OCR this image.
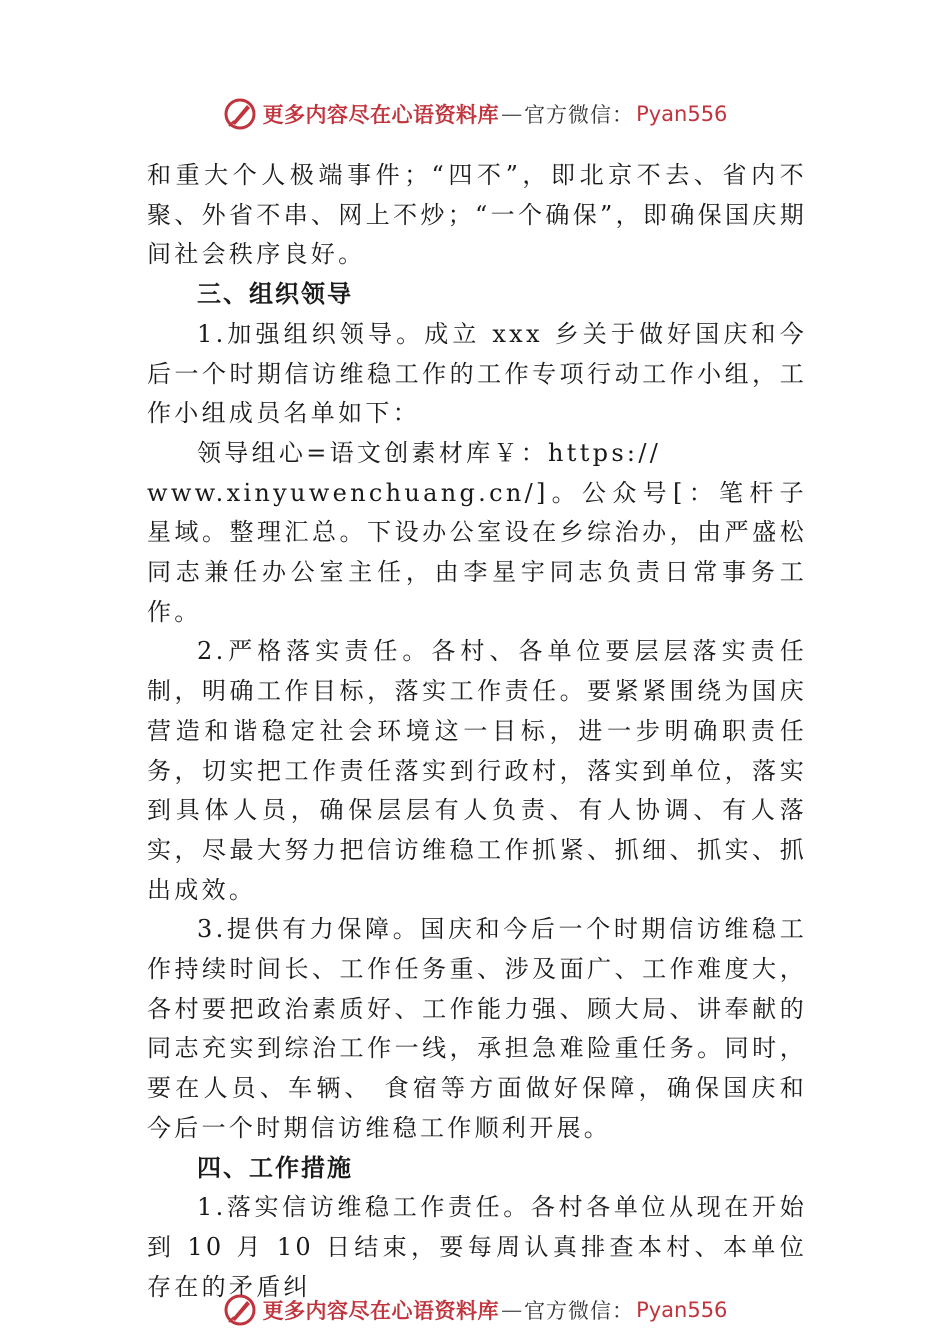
更多内容尽在心语资料库 — 官方微信： Pyan556

和重大个人极端事件；“四不”，即北京不去、省内不聚、外省不串、网上不炒；“一个确保”，即确保国庆期间社会秩序良好。

三、组织领导

1.加强组织领导。成立 xxx 乡关于做好国庆和今后一个时期信访维稳工作的工作专项行动工作小组，工作小组成员名单如下：

领导组心=语文创素材库￥：https://

www.xinyuwenchuang.cn/]。公众号[：笔杆子星域。整理汇总。下设办公室设在乡综治办，由严盛松同志兼任办公室主任，由李星宇同志负责日常事务工作。

2.严格落实责任。各村、各单位要层层落实责任制，明确工作目标，落实工作责任。要紧紧围绕为国庆营造和谐稳定社会环境这一目标，进一步明确职责任务，切实把工作责任落实到行政村，落实到单位，落实到具体人员，确保层层有人负责、有人协调、有人落实，尽最大努力把信访维稳工作抓紧、抓细、抓实、抓出成效。

3.提供有力保障。国庆和今后一个时期信访维稳工作持续时间长、工作任务重、涉及面广、工作难度大，各村要把政治素质好、工作能力强、顾大局、讲奉献的同志充实到综治工作一线，承担急难险重任务。同时，要在人员、车辆、 食宿等方面做好保障，确保国庆和今后一个时期信访维稳工作顺利开展。

四、工作措施

1.落实信访维稳工作责任。各村各单位从现在开始到 10 月 10 日结束，要每周认真排查本村、本单位存在的矛盾纠

更多内容尽在心语资料库 — 官方微信： Pyan556
